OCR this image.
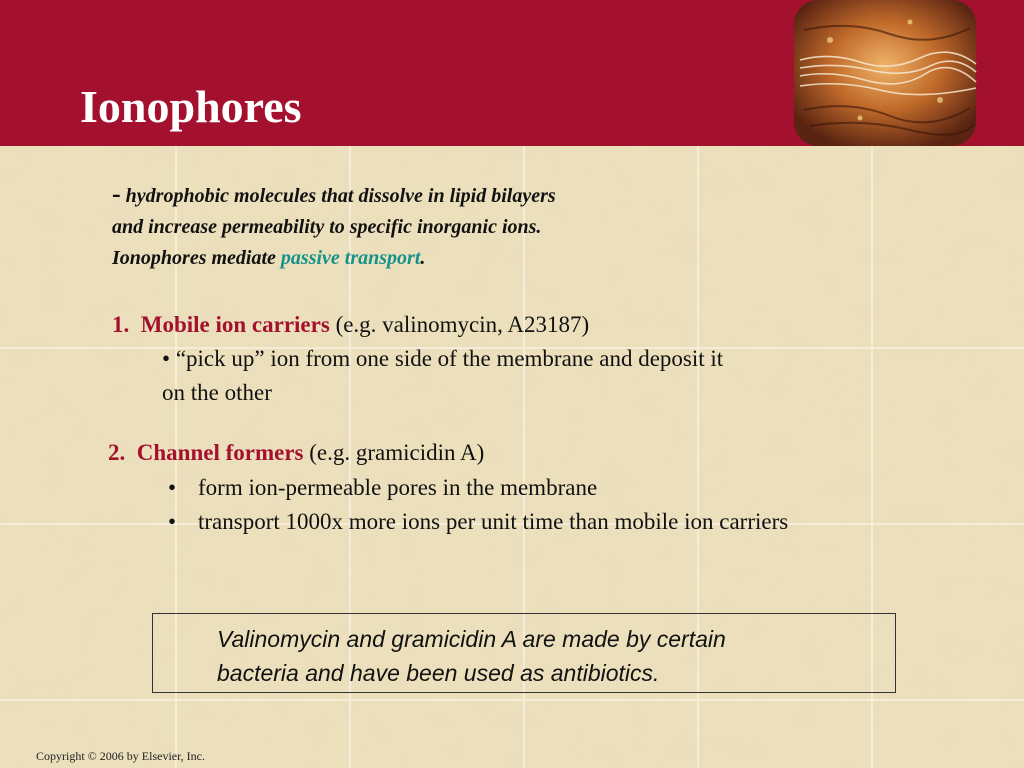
Ionophores
- hydrophobic molecules that dissolve in lipid bilayers
and increase permeability to specific inorganic ions.
Ionophores mediate passive transport.
1. Mobile ion carriers (e.g. valinomycin, A23187)
• “pick up” ion from one side of the membrane and deposit it
on the other
2. Channel formers (e.g. gramicidin A)
• form ion-permeable pores in the membrane
• transport 1000x more ions per unit time than mobile ion carriers
Valinomycin and gramicidin A are made by certain
bacteria and have been used as antibiotics.
Copyright © 2006 by Elsevier, Inc.
